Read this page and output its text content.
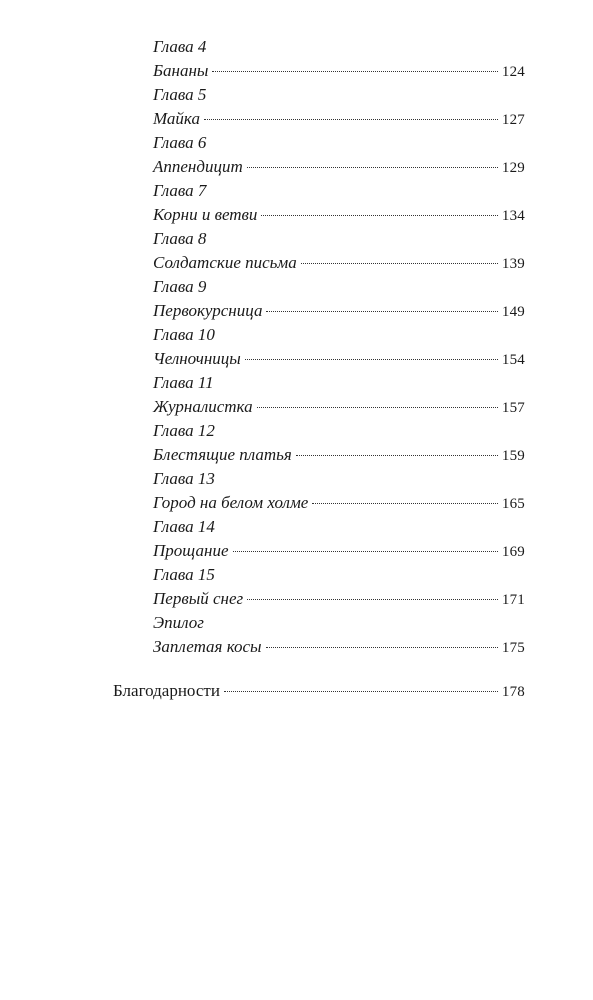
Глава 4
Бананы	124
Глава 5
Майка	127
Глава 6
Аппендицит	129
Глава 7
Корни и ветви	134
Глава 8
Солдатские письма	139
Глава 9
Первокурсница	149
Глава 10
Челночницы	154
Глава 11
Журналистка	157
Глава 12
Блестящие платья	159
Глава 13
Город на белом холме	165
Глава 14
Прощание	169
Глава 15
Первый снег	171
Эпилог
Заплетая косы	175
Благодарности	178
